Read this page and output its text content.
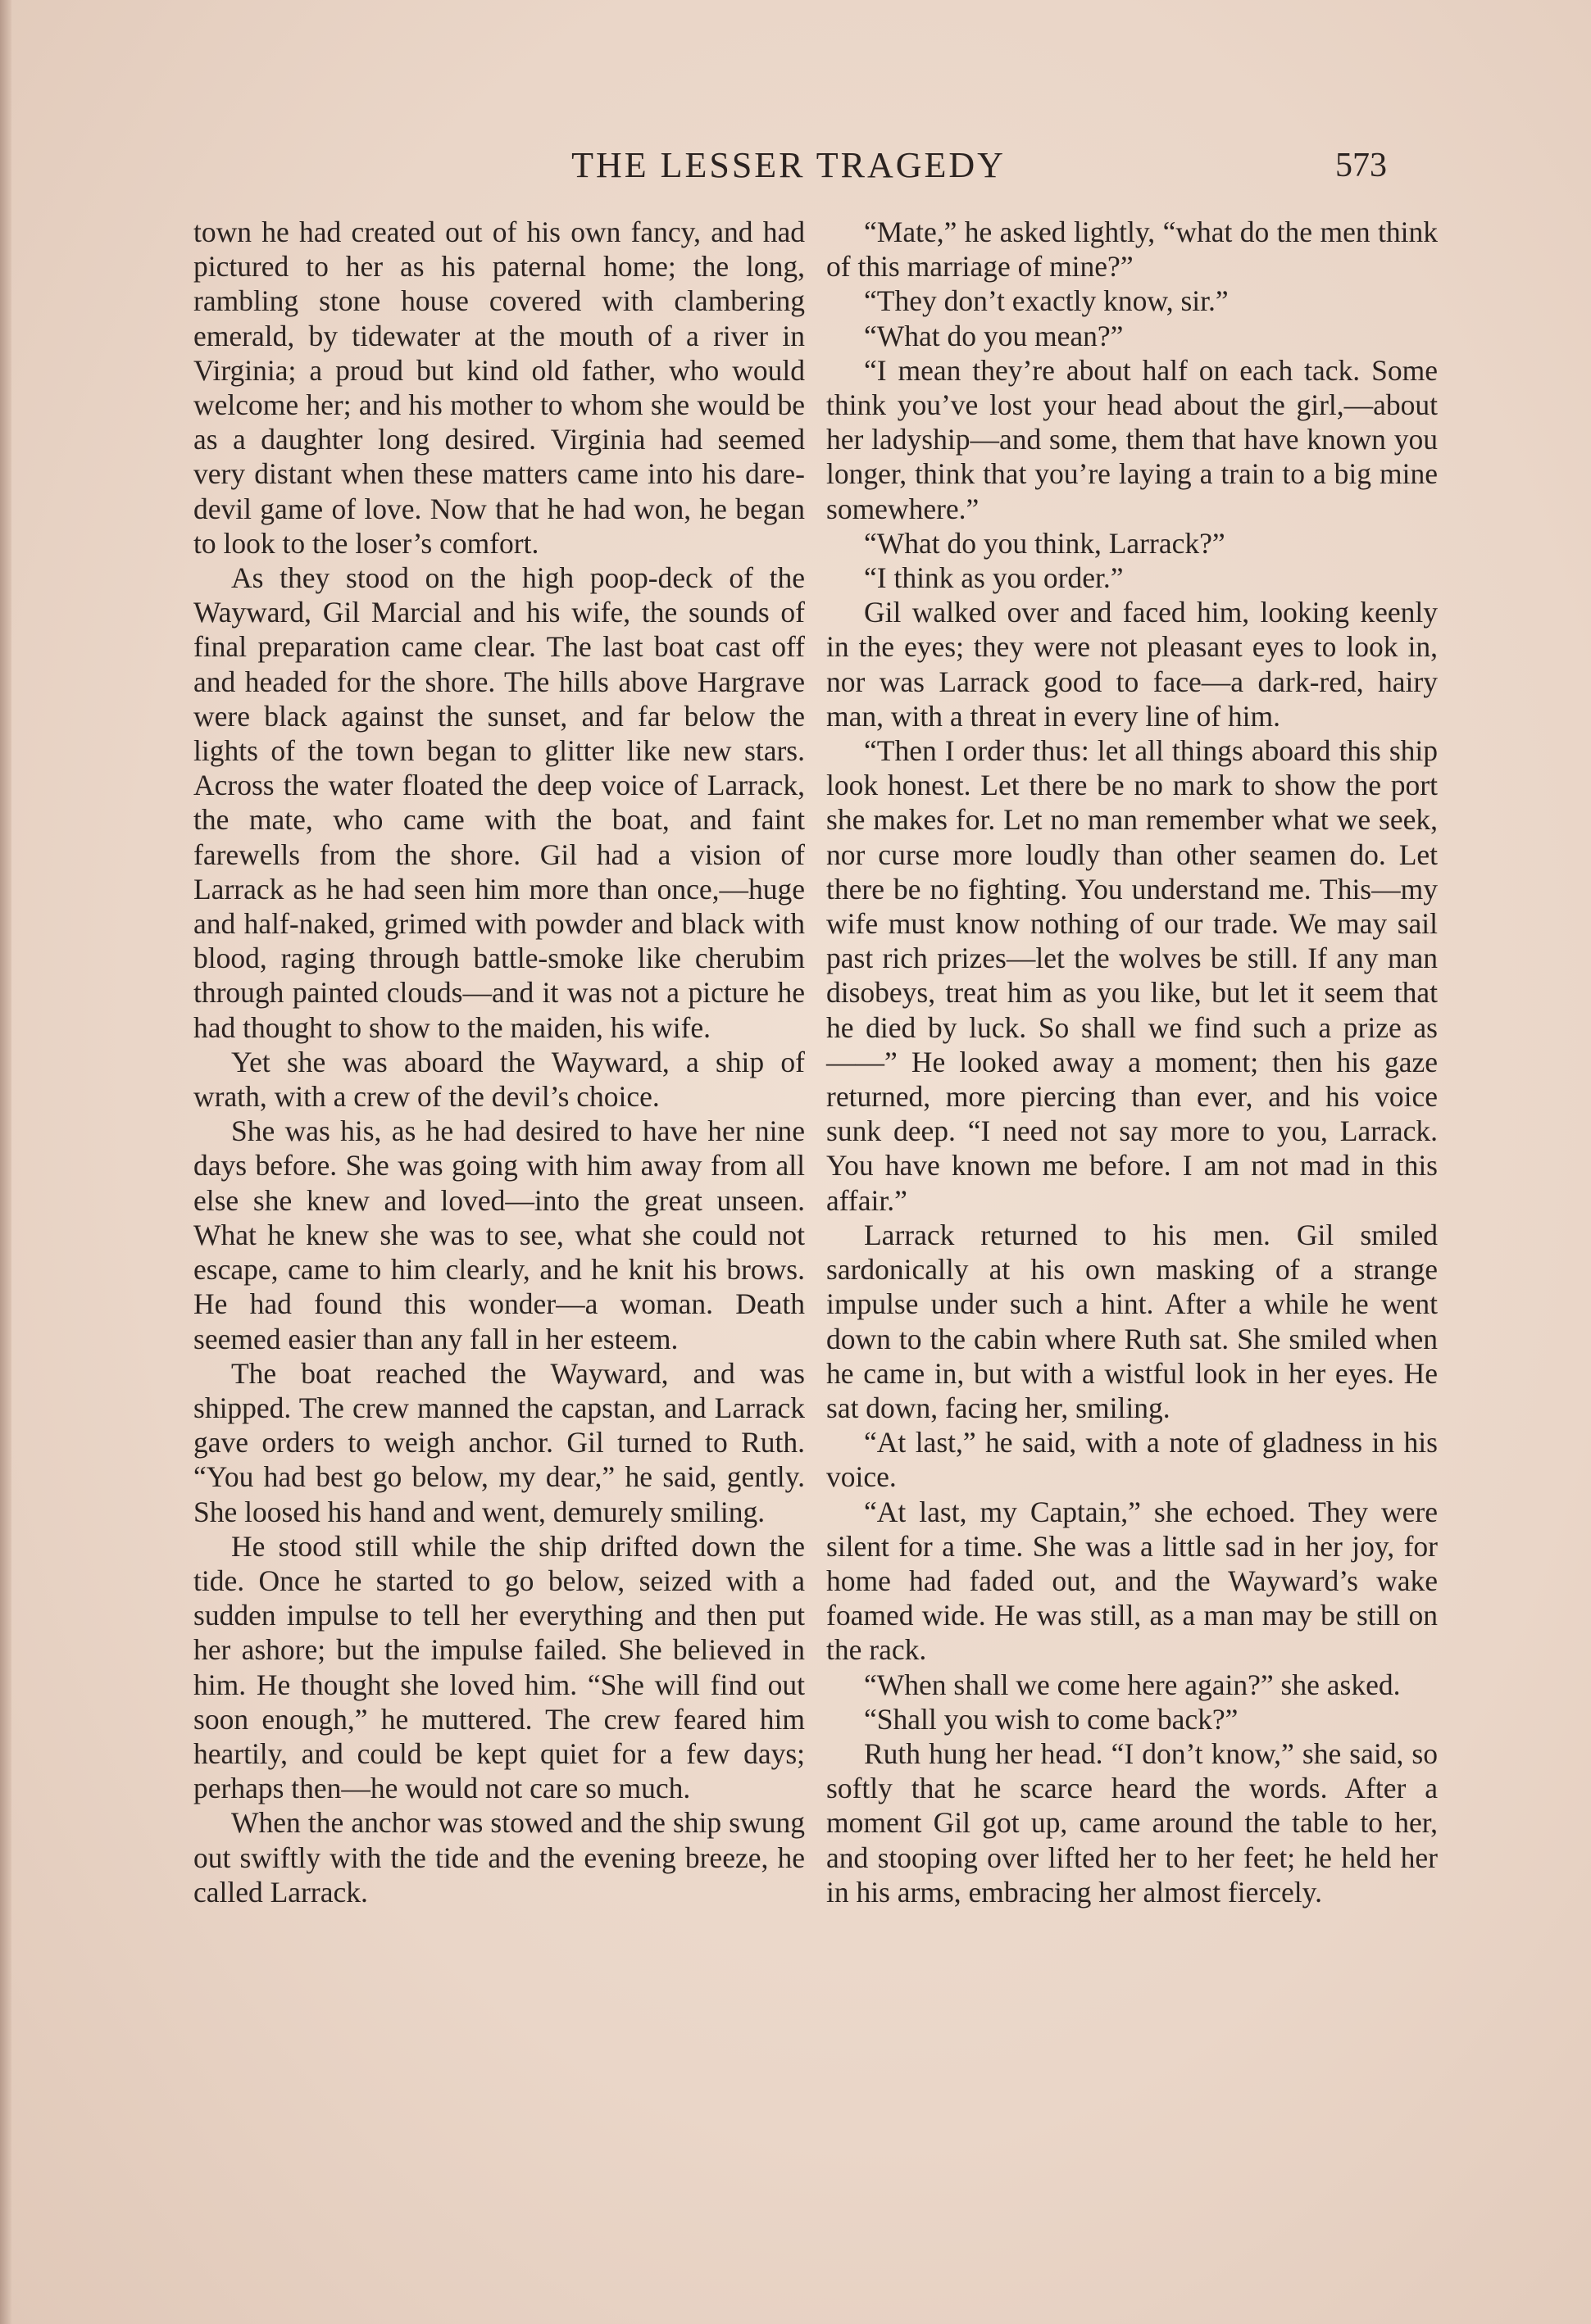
THE LESSER TRAGEDY	573

town he had created out of his own fancy, and had pictured to her as his paternal home; the long, rambling stone house covered with clambering emerald, by tidewater at the mouth of a river in Virginia; a proud but kind old father, who would welcome her; and his mother to whom she would be as a daughter long desired. Virginia had seemed very distant when these matters came into his dare-devil game of love. Now that he had won, he began to look to the loser’s comfort.

As they stood on the high poop-deck of the Wayward, Gil Marcial and his wife, the sounds of final preparation came clear. The last boat cast off and headed for the shore. The hills above Hargrave were black against the sunset, and far below the lights of the town began to glitter like new stars. Across the water floated the deep voice of Larrack, the mate, who came with the boat, and faint farewells from the shore. Gil had a vision of Larrack as he had seen him more than once,—huge and half-naked, grimed with powder and black with blood, raging through battle-smoke like cherubim through painted clouds—and it was not a picture he had thought to show to the maiden, his wife.

Yet she was aboard the Wayward, a ship of wrath, with a crew of the devil’s choice.

She was his, as he had desired to have her nine days before. She was going with him away from all else she knew and loved—into the great unseen. What he knew she was to see, what she could not escape, came to him clearly, and he knit his brows. He had found this wonder—a woman. Death seemed easier than any fall in her esteem.

The boat reached the Wayward, and was shipped. The crew manned the capstan, and Larrack gave orders to weigh anchor. Gil turned to Ruth. “You had best go below, my dear,” he said, gently. She loosed his hand and went, demurely smiling.

He stood still while the ship drifted down the tide. Once he started to go below, seized with a sudden impulse to tell her everything and then put her ashore; but the impulse failed. She believed in him. He thought she loved him. “She will find out soon enough,” he muttered. The crew feared him heartily, and could be kept quiet for a few days; perhaps then—he would not care so much.

When the anchor was stowed and the ship swung out swiftly with the tide and the evening breeze, he called Larrack.

“Mate,” he asked lightly, “what do the men think of this marriage of mine?”

“They don’t exactly know, sir.”

“What do you mean?”

“I mean they’re about half on each tack. Some think you’ve lost your head about the girl,—about her ladyship—and some, them that have known you longer, think that you’re laying a train to a big mine somewhere.”

“What do you think, Larrack?”

“I think as you order.”

Gil walked over and faced him, looking keenly in the eyes; they were not pleasant eyes to look in, nor was Larrack good to face—a dark-red, hairy man, with a threat in every line of him.

“Then I order thus: let all things aboard this ship look honest. Let there be no mark to show the port she makes for. Let no man remember what we seek, nor curse more loudly than other seamen do. Let there be no fighting. You understand me. This—my wife must know nothing of our trade. We may sail past rich prizes—let the wolves be still. If any man disobeys, treat him as you like, but let it seem that he died by luck. So shall we find such a prize as——” He looked away a moment; then his gaze returned, more piercing than ever, and his voice sunk deep. “I need not say more to you, Larrack. You have known me before. I am not mad in this affair.”

Larrack returned to his men. Gil smiled sardonically at his own masking of a strange impulse under such a hint. After a while he went down to the cabin where Ruth sat. She smiled when he came in, but with a wistful look in her eyes. He sat down, facing her, smiling.

“At last,” he said, with a note of gladness in his voice.

“At last, my Captain,” she echoed. They were silent for a time. She was a little sad in her joy, for home had faded out, and the Wayward’s wake foamed wide. He was still, as a man may be still on the rack.

“When shall we come here again?” she asked.

“Shall you wish to come back?”

Ruth hung her head. “I don’t know,” she said, so softly that he scarce heard the words. After a moment Gil got up, came around the table to her, and stooping over lifted her to her feet; he held her in his arms, embracing her almost fiercely.
